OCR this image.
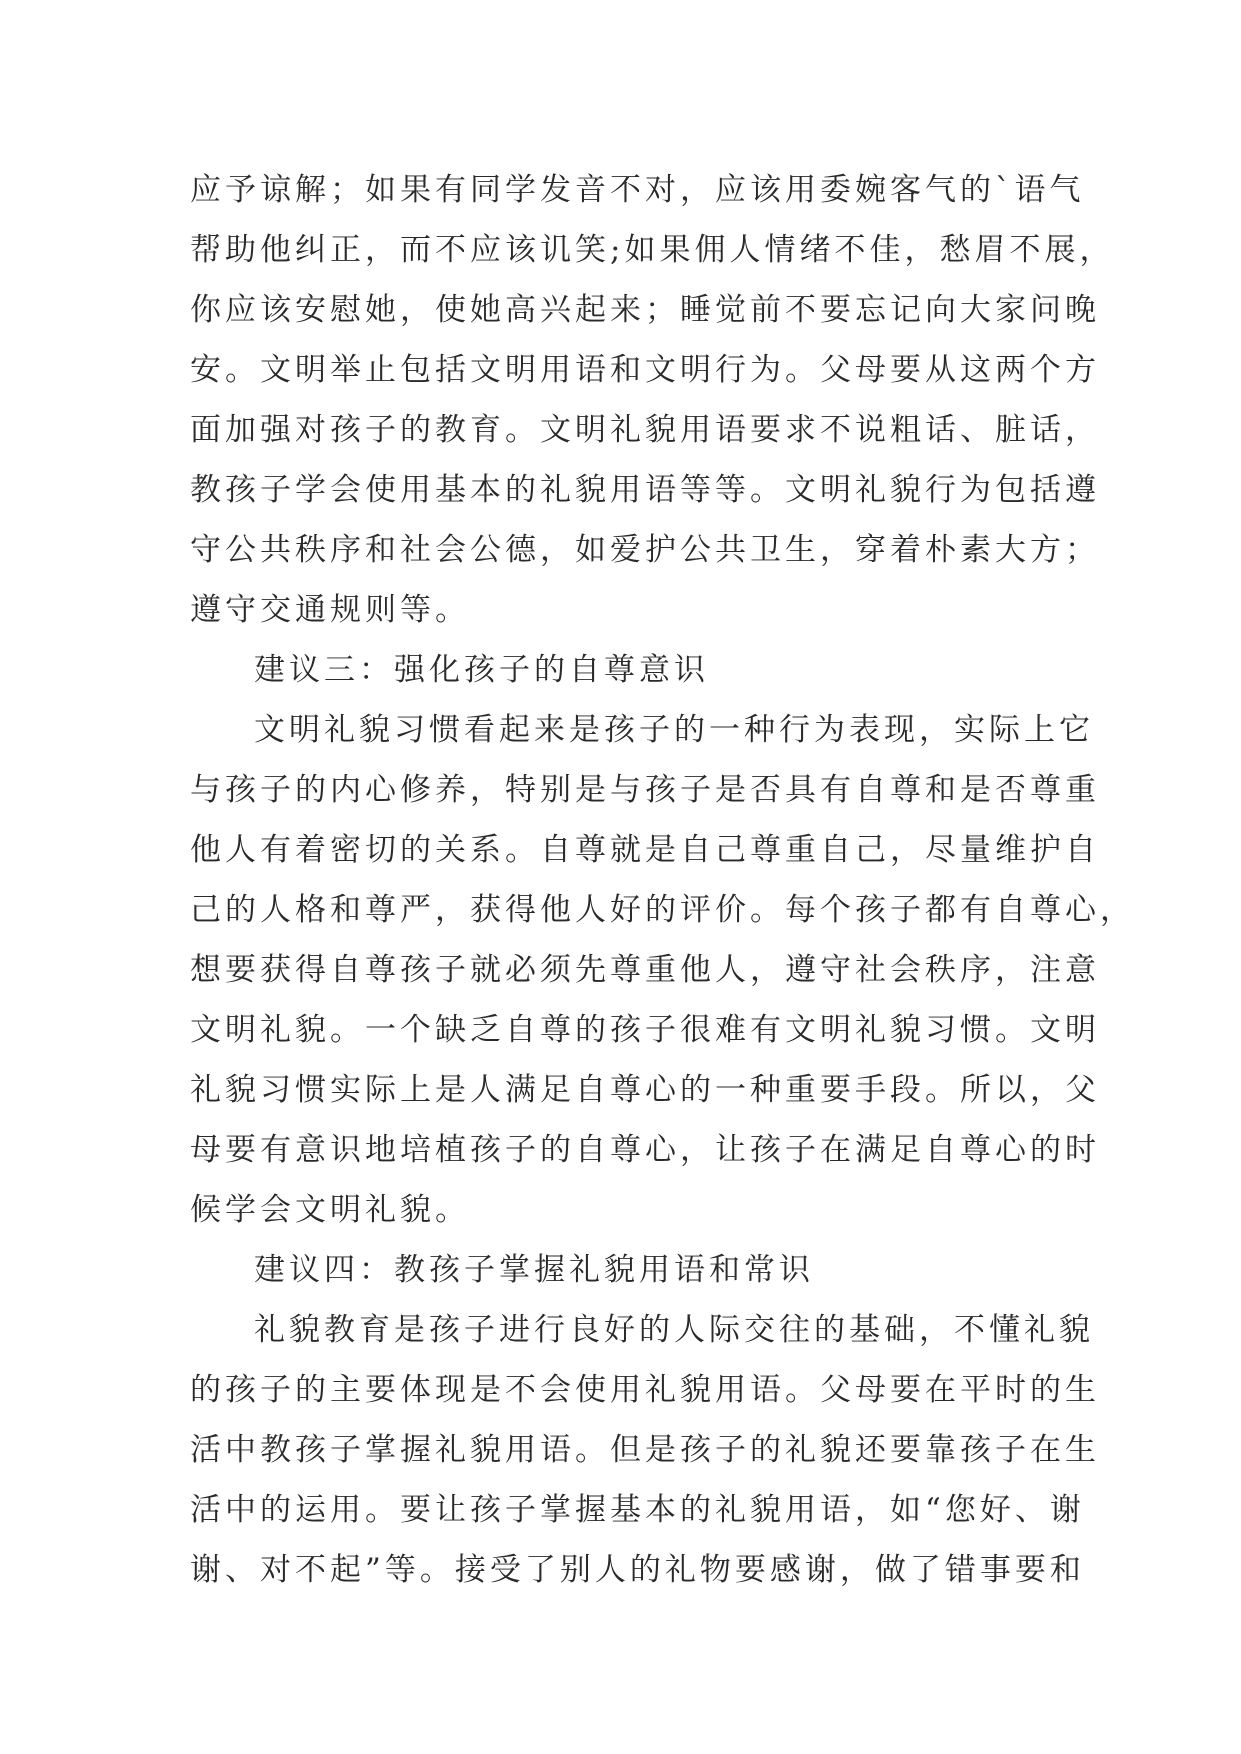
应予谅解；如果有同学发音不对，应该用委婉客气的`语气
帮助他纠正，而不应该讥笑;如果佣人情绪不佳，愁眉不展，
你应该安慰她，使她高兴起来；睡觉前不要忘记向大家问晚
安。文明举止包括文明用语和文明行为。父母要从这两个方
面加强对孩子的教育。文明礼貌用语要求不说粗话、脏话，
教孩子学会使用基本的礼貌用语等等。文明礼貌行为包括遵
守公共秩序和社会公德，如爱护公共卫生，穿着朴素大方；
遵守交通规则等。
建议三：强化孩子的自尊意识
文明礼貌习惯看起来是孩子的一种行为表现，实际上它
与孩子的内心修养，特别是与孩子是否具有自尊和是否尊重
他人有着密切的关系。自尊就是自己尊重自己，尽量维护自
己的人格和尊严，获得他人好的评价。每个孩子都有自尊心，
想要获得自尊孩子就必须先尊重他人，遵守社会秩序，注意
文明礼貌。一个缺乏自尊的孩子很难有文明礼貌习惯。文明
礼貌习惯实际上是人满足自尊心的一种重要手段。所以，父
母要有意识地培植孩子的自尊心，让孩子在满足自尊心的时
候学会文明礼貌。
建议四：教孩子掌握礼貌用语和常识
礼貌教育是孩子进行良好的人际交往的基础，不懂礼貌
的孩子的主要体现是不会使用礼貌用语。父母要在平时的生
活中教孩子掌握礼貌用语。但是孩子的礼貌还要靠孩子在生
活中的运用。要让孩子掌握基本的礼貌用语，如“您好、谢
谢、对不起”等。接受了别人的礼物要感谢，做了错事要和
